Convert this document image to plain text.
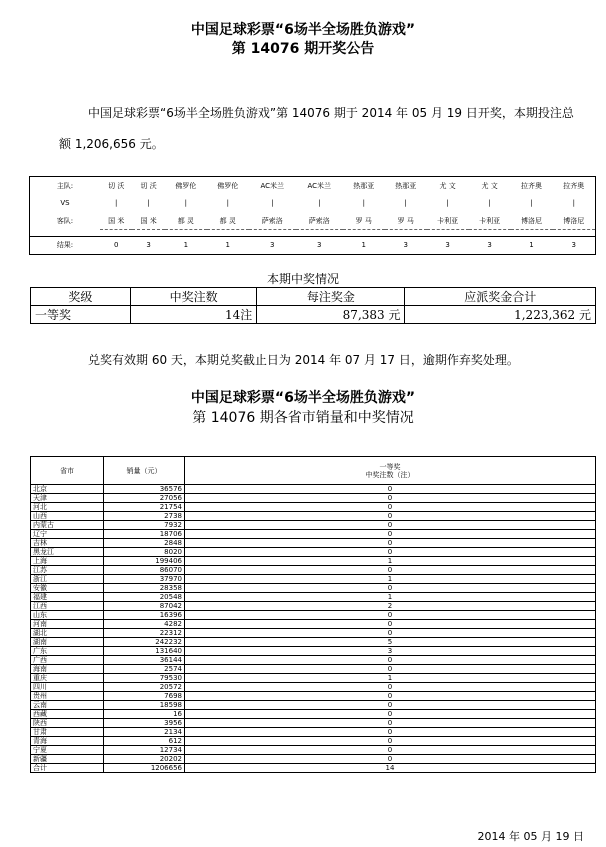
中国足球彩票“6场半全场胜负游戏”
第 14076 期开奖公告
中国足球彩票“6场半全场胜负游戏”第 14076 期于 2014 年 05 月 19 日开奖，本期投注总
额 1,206,656 元。
主队:	切 沃	切 沃	佛罗伦	佛罗伦	AC米兰	AC米兰	热那亚	热那亚	尤 文	尤 文	拉齐奥	拉齐奥
VS	|	|	|	|	|	|	|	|	|	|	|	|
客队:	国 米	国 米	都 灵	都 灵	萨索洛	萨索洛	罗 马	罗 马	卡利亚	卡利亚	博洛尼	博洛尼

结果:	0	3	1	1	3	3	1	3	3	3	1	3
本期中奖情况
奖级	中奖注数	每注奖金	应派奖金合计
一等奖	14注	87,383 元	1,223,362 元
兑奖有效期 60 天，本期兑奖截止日为 2014 年 07 月 17 日，逾期作弃奖处理。
中国足球彩票“6场半全场胜负游戏”
第 14076 期各省市销量和中奖情况
省市	销量（元）	一等奖
中奖注数（注）

北京	36576	0
天津	27056	0
河北	21754	0
山西	2738	0
内蒙古	7932	0
辽宁	18706	0
吉林	2848	0
黑龙江	8020	0
上海	199406	1
江苏	86070	0
浙江	37970	1
安徽	28358	0
福建	20548	1
江西	87042	2
山东	16396	0
河南	4282	0
湖北	22312	0
湖南	242232	5
广东	131640	3
广西	36144	0
海南	2574	0
重庆	79530	1
四川	20572	0
贵州	7698	0
云南	18598	0
西藏	16	0
陕西	3956	0
甘肃	2134	0
青海	612	0
宁夏	12734	0
新疆	20202	0
合计	1206656	14
2014 年 05 月 19 日
